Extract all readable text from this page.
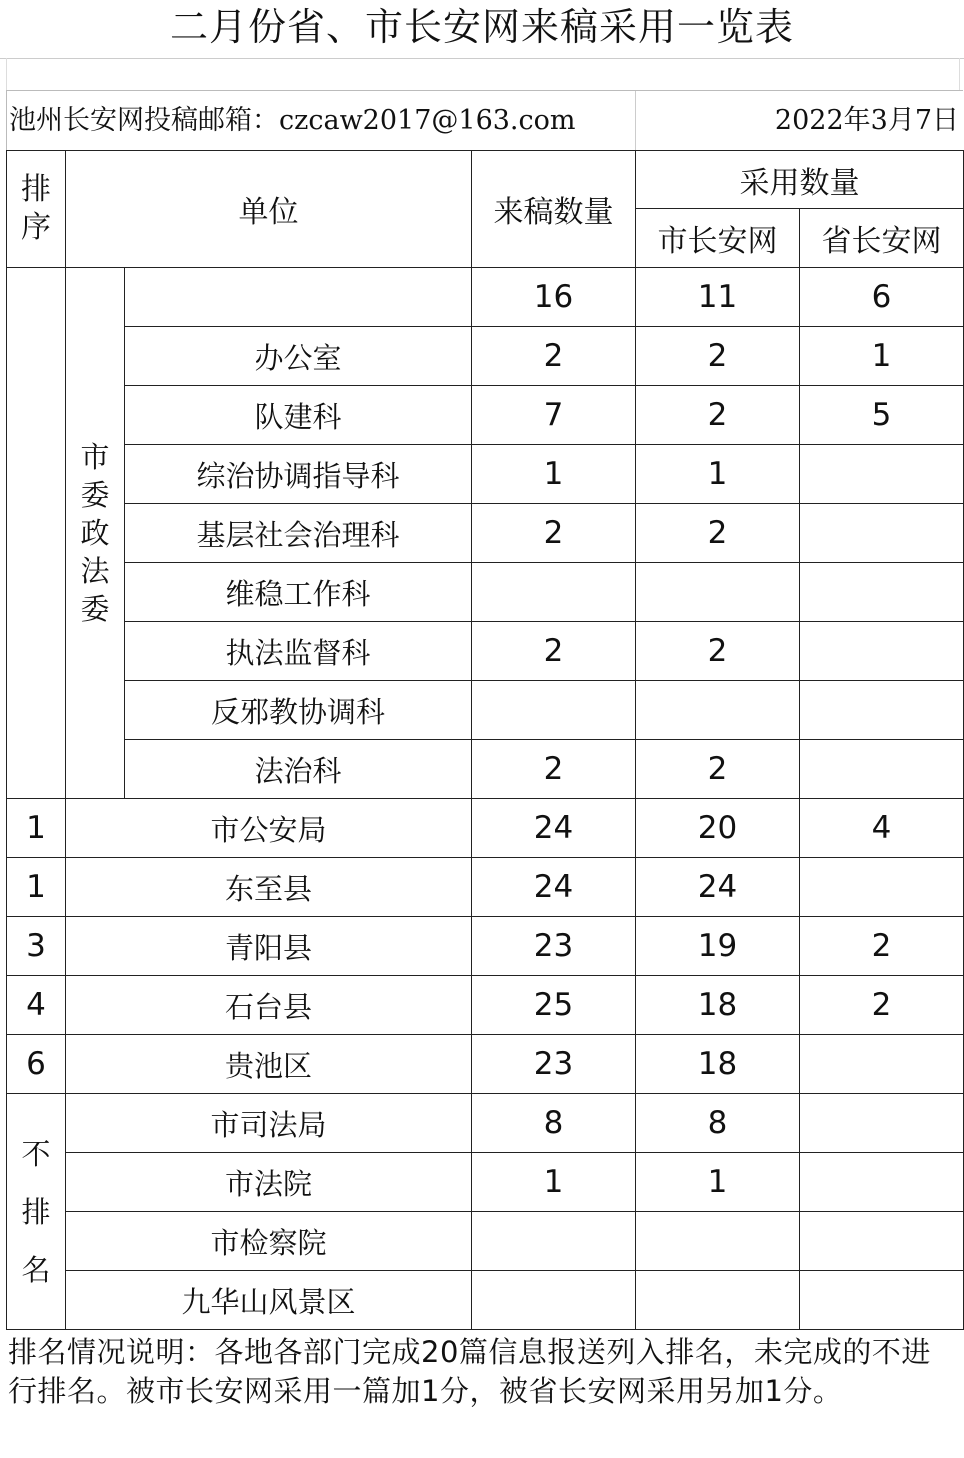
二月份省、市长安网来稿采用一览表
池州长安网投稿邮箱：czcaw2017@163.com	2022年3月7日
排序	单位		来稿数量	采用数量	
				市长安网	省长安网

	市
委
政
法
委		16	11	6
		办公室	2	2	1
		队建科	7	2	5
		综治协调指导科	1	1	
		基层社会治理科	2	2	
		维稳工作科			
		执法监督科	2	2	
		反邪教协调科			
		法治科	2	2	
1	市公安局		24	20	4
1	东至县		24	24	
3	青阳县		23	19	2
4	石台县		25	18	2
6	贵池区		23	18	

不
排
名	市司法局		8	8	
	市法院		1	1	
	市检察院				
	九华山风景区				
排名情况说明：各地各部门完成20篇信息报送列入排名，未完成的不进行排名。被市长安网采用一篇加1分，被省长安网采用另加1分。
